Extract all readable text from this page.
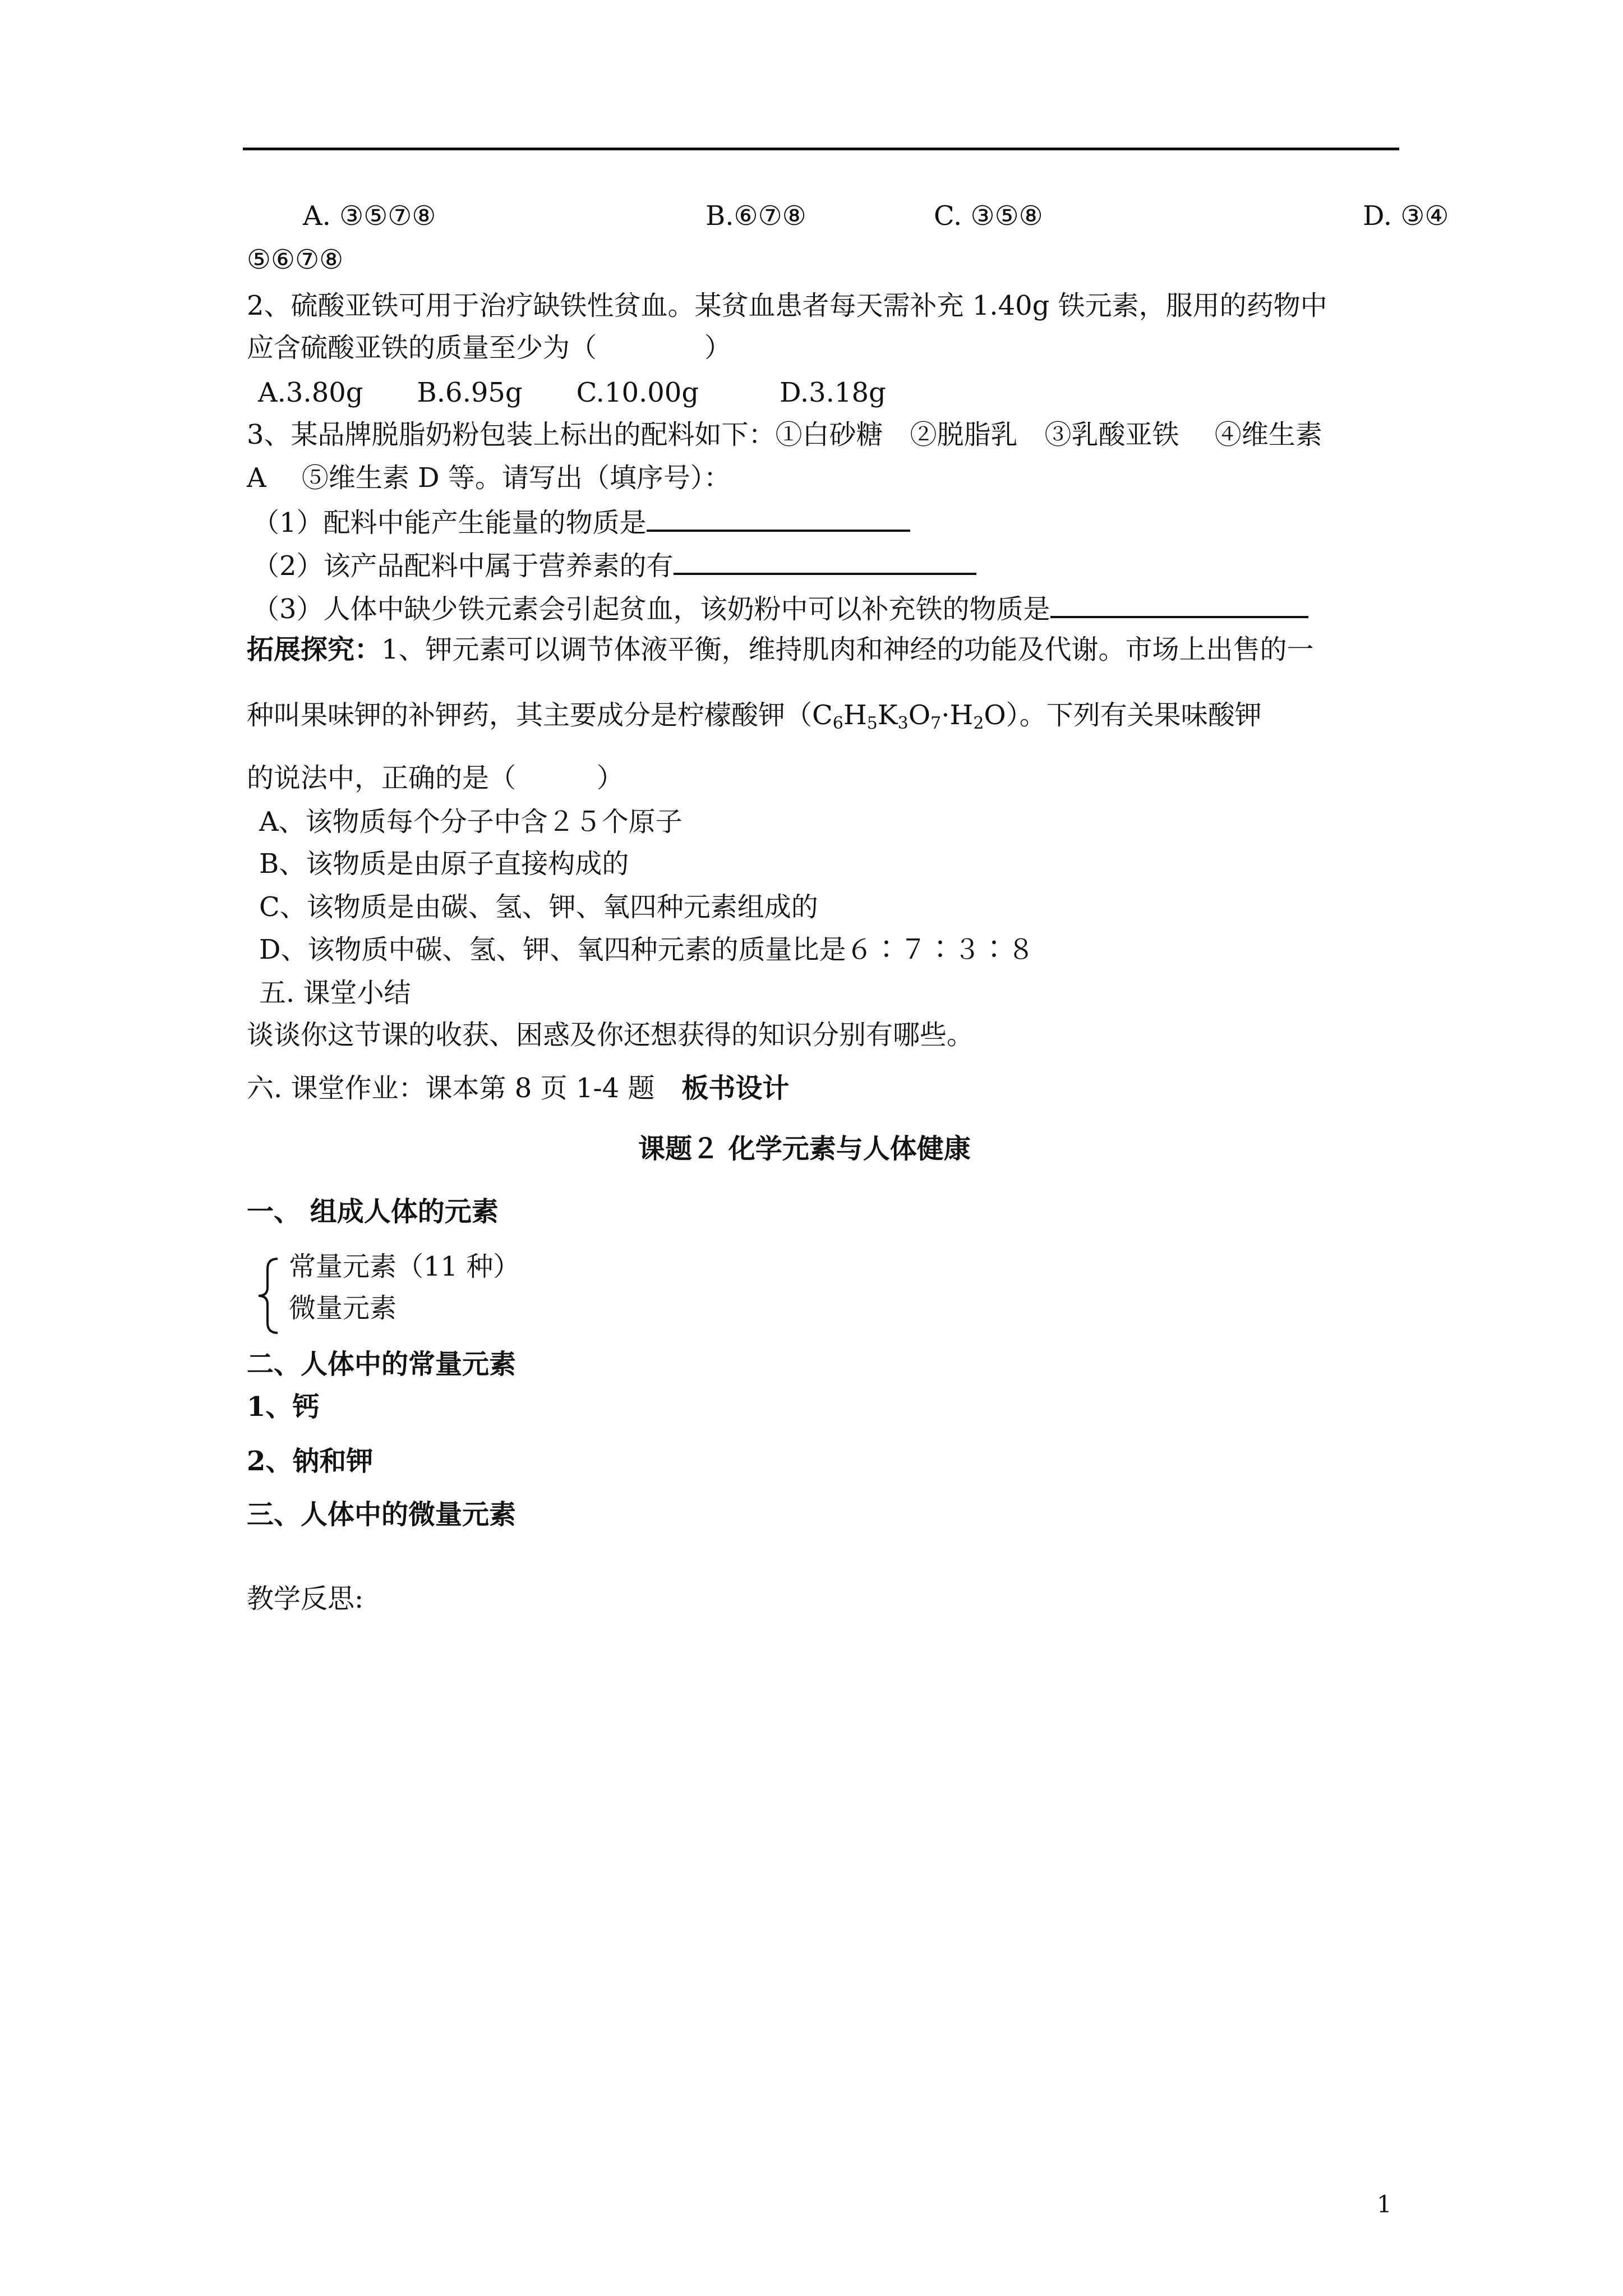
A. ③⑤⑦⑧	B.⑥⑦⑧	C. ③⑤⑧	D. ③④
⑤⑥⑦⑧
2、硫酸亚铁可用于治疗缺铁性贫血。某贫血患者每天需补充 1.40g 铁元素，服用的药物中
应含硫酸亚铁的质量至少为（　　　　）
A.3.80g　　B.6.95g　　C.10.00g　　　D.3.18g
3、某品牌脱脂奶粉包装上标出的配料如下：①白砂糖　②脱脂乳　③乳酸亚铁　 ④维生素
A　 ⑤维生素 D 等。请写出（填序号）：
（1）配料中能产生能量的物质是
（2）该产品配料中属于营养素的有
（3）人体中缺少铁元素会引起贫血，该奶粉中可以补充铁的物质是
拓展探究：1、钾元素可以调节体液平衡，维持肌肉和神经的功能及代谢。市场上出售的一
种叫果味钾的补钾药，其主要成分是柠檬酸钾$(C_6H_5K_3O_7\cdot H_2O)$。下列有关果味酸钾
的说法中，正确的是（　　　）
A、该物质每个分子中含２５个原子
B、该物质是由原子直接构成的
C、该物质是由碳、氢、钾、氧四种元素组成的
D、该物质中碳、氢、钾、氧四种元素的质量比是６∶７∶３∶８
五. 课堂小结
谈谈你这节课的收获、困惑及你还想获得的知识分别有哪些。
六. 课堂作业：课本第 8 页 1-4 题　板书设计
课题２ 化学元素与人体健康
一、 组成人体的元素
常量元素（11 种）
微量元素
二、人体中的常量元素
1、钙
2、钠和钾
三、人体中的微量元素
教学反思:
1
